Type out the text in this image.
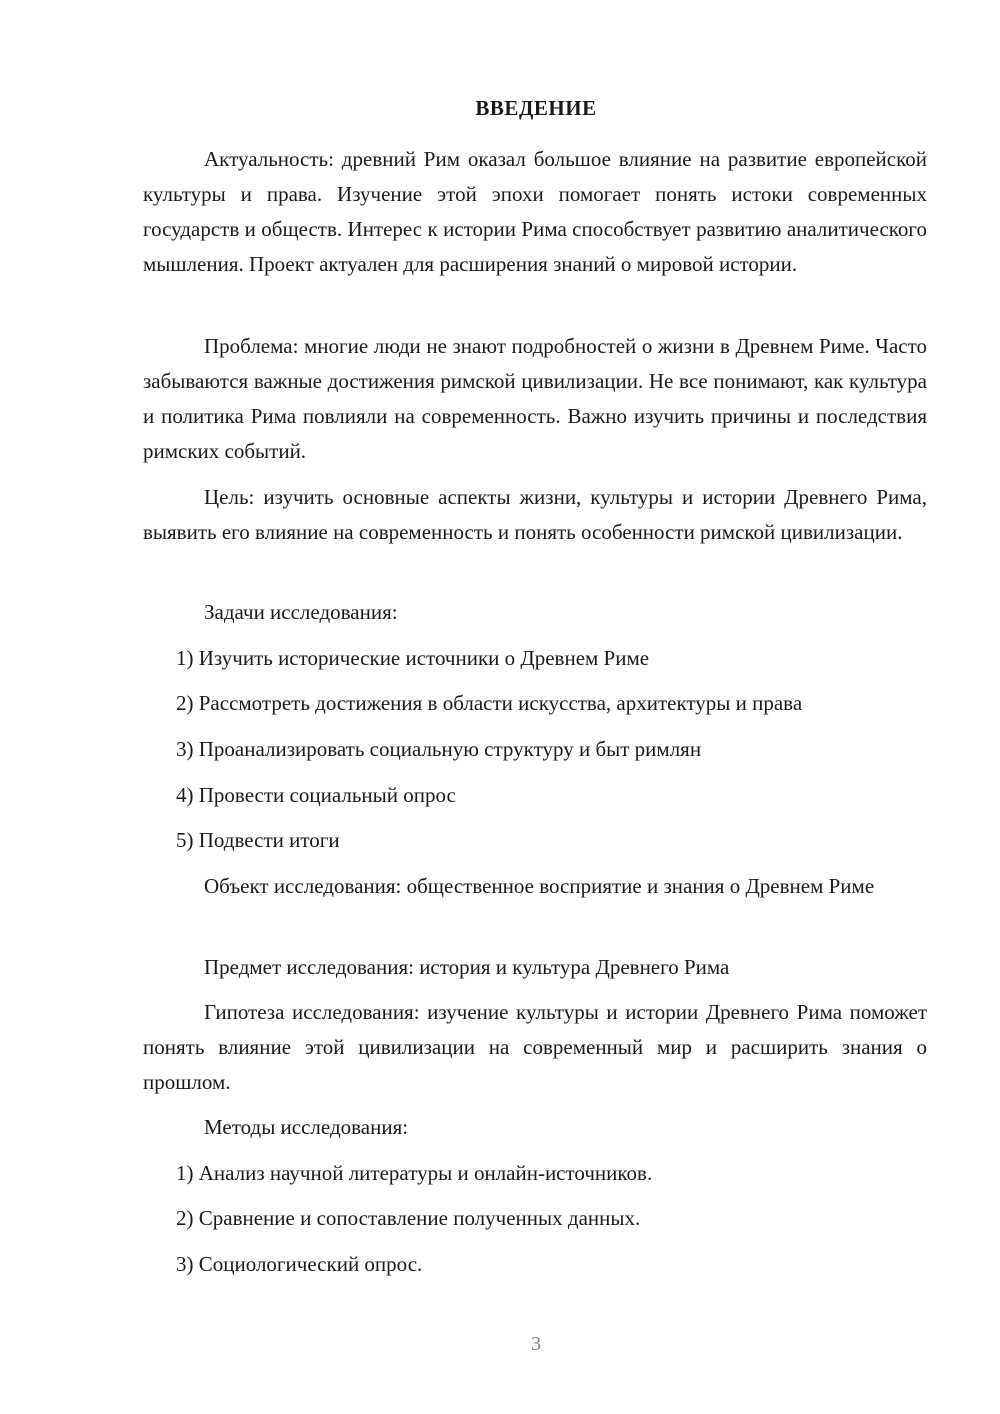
ВВЕДЕНИЕ
Актуальность: древний Рим оказал большое влияние на развитие европейской культуры и права. Изучение этой эпохи помогает понять истоки современных государств и обществ. Интерес к истории Рима способствует развитию аналитического мышления. Проект актуален для расширения знаний о мировой истории.
Проблема: многие люди не знают подробностей о жизни в Древнем Риме. Часто забываются важные достижения римской цивилизации. Не все понимают, как культура и политика Рима повлияли на современность. Важно изучить причины и последствия римских событий.
Цель: изучить основные аспекты жизни, культуры и истории Древнего Рима, выявить его влияние на современность и понять особенности римской цивилизации.
Задачи исследования:
1) Изучить исторические источники о Древнем Риме
2) Рассмотреть достижения в области искусства, архитектуры и права
3) Проанализировать социальную структуру и быт римлян
4) Провести социальный опрос
5) Подвести итоги
Объект исследования: общественное восприятие и знания о Древнем Риме
Предмет исследования: история и культура Древнего Рима
Гипотеза исследования: изучение культуры и истории Древнего Рима поможет понять влияние этой цивилизации на современный мир и расширить знания о прошлом.
Методы исследования:
1) Анализ научной литературы и онлайн-источников.
2) Сравнение и сопоставление полученных данных.
3) Социологический опрос.
3
